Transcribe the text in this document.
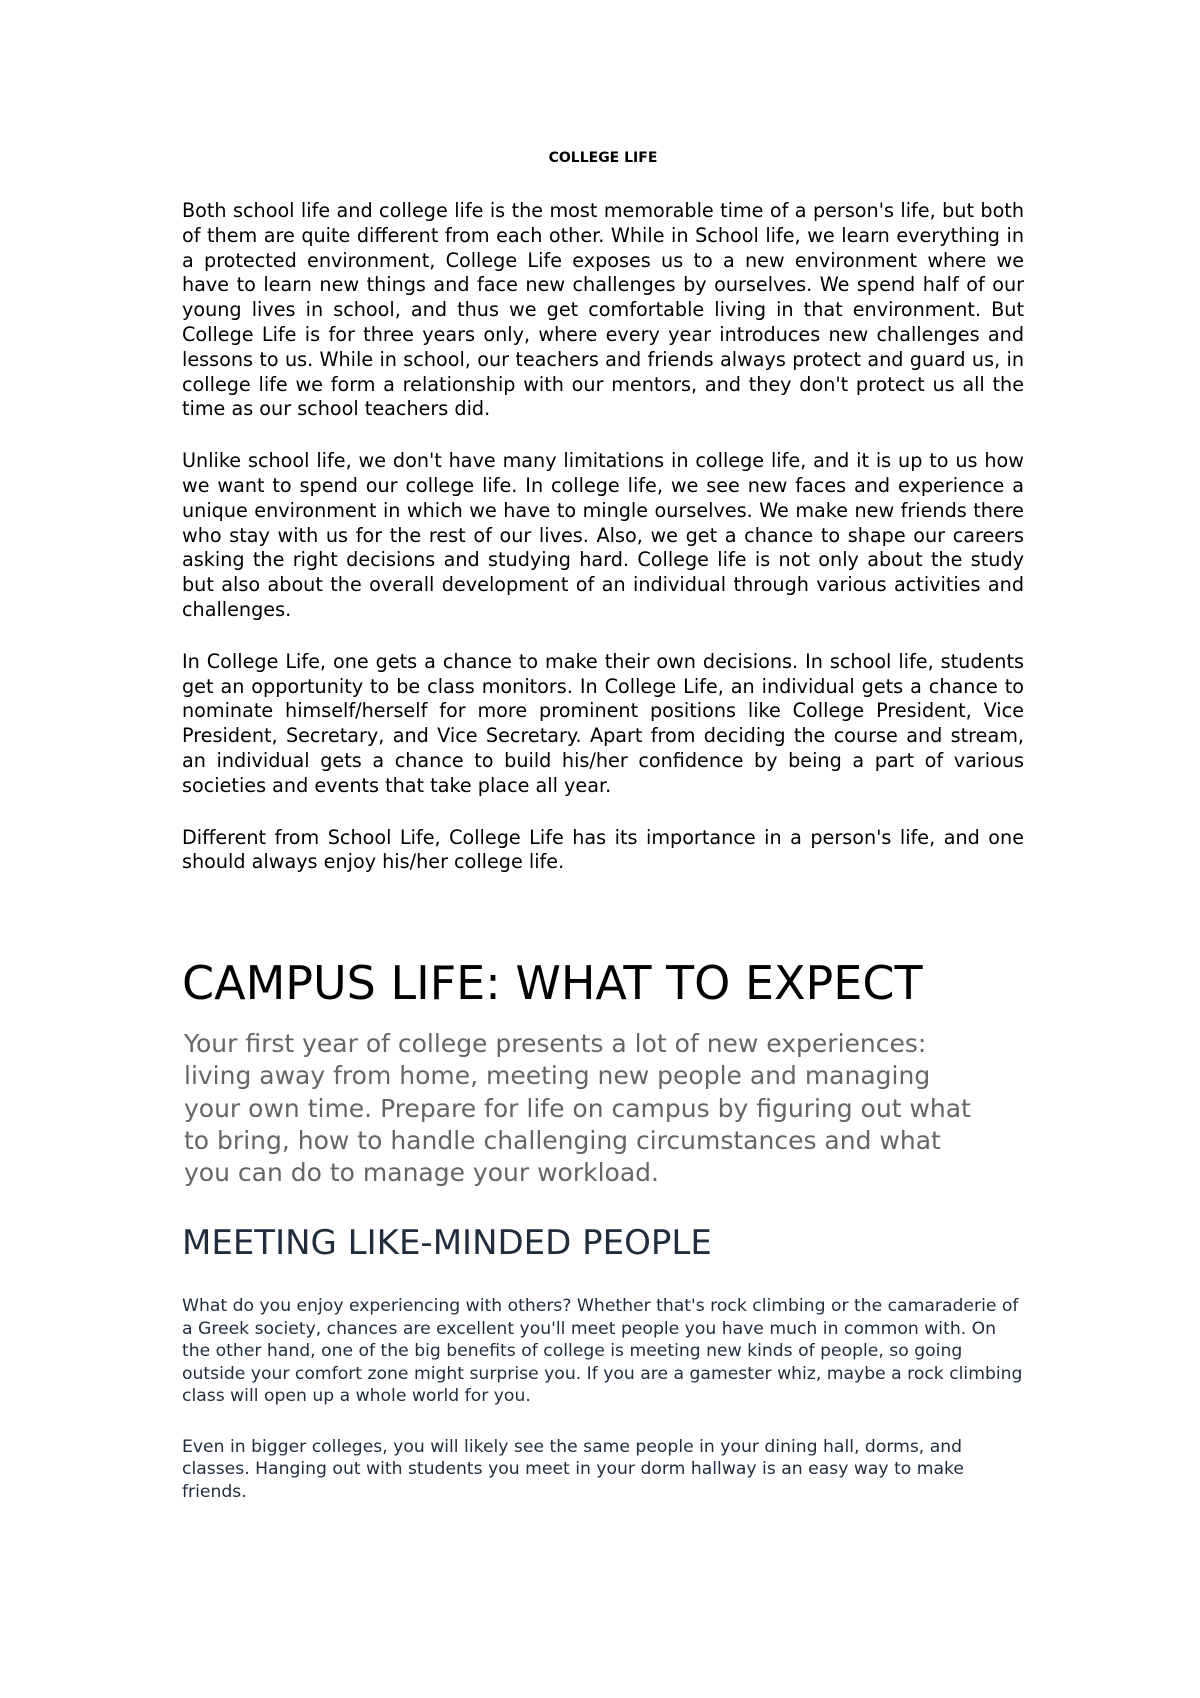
COLLEGE LIFE

Both school life and college life is the most memorable time of a person's life, but both of them are quite different from each other. While in School life, we learn everything in a protected environment, College Life exposes us to a new environment where we have to learn new things and face new challenges by ourselves. We spend half of our young lives in school, and thus we get comfortable living in that environment. But College Life is for three years only, where every year introduces new challenges and lessons to us. While in school, our teachers and friends always protect and guard us, in college life we form a relationship with our mentors, and they don't protect us all the time as our school teachers did.

Unlike school life, we don't have many limitations in college life, and it is up to us how we want to spend our college life. In college life, we see new faces and experience a unique environment in which we have to mingle ourselves. We make new friends there who stay with us for the rest of our lives. Also, we get a chance to shape our careers asking the right decisions and studying hard. College life is not only about the study but also about the overall development of an individual through various activities and challenges.

In College Life, one gets a chance to make their own decisions. In school life, students get an opportunity to be class monitors. In College Life, an individual gets a chance to nominate himself/herself for more prominent positions like College President, Vice President, Secretary, and Vice Secretary. Apart from deciding the course and stream, an individual gets a chance to build his/her confidence by being a part of various societies and events that take place all year.

Different from School Life, College Life has its importance in a person's life, and one should always enjoy his/her college life.

CAMPUS LIFE: WHAT TO EXPECT

Your first year of college presents a lot of new experiences: living away from home, meeting new people and managing your own time. Prepare for life on campus by figuring out what to bring, how to handle challenging circumstances and what you can do to manage your workload.

MEETING LIKE-MINDED PEOPLE

What do you enjoy experiencing with others? Whether that's rock climbing or the camaraderie of a Greek society, chances are excellent you'll meet people you have much in common with. On the other hand, one of the big benefits of college is meeting new kinds of people, so going outside your comfort zone might surprise you. If you are a gamester whiz, maybe a rock climbing class will open up a whole world for you.

Even in bigger colleges, you will likely see the same people in your dining hall, dorms, and classes. Hanging out with students you meet in your dorm hallway is an easy way to make friends.
